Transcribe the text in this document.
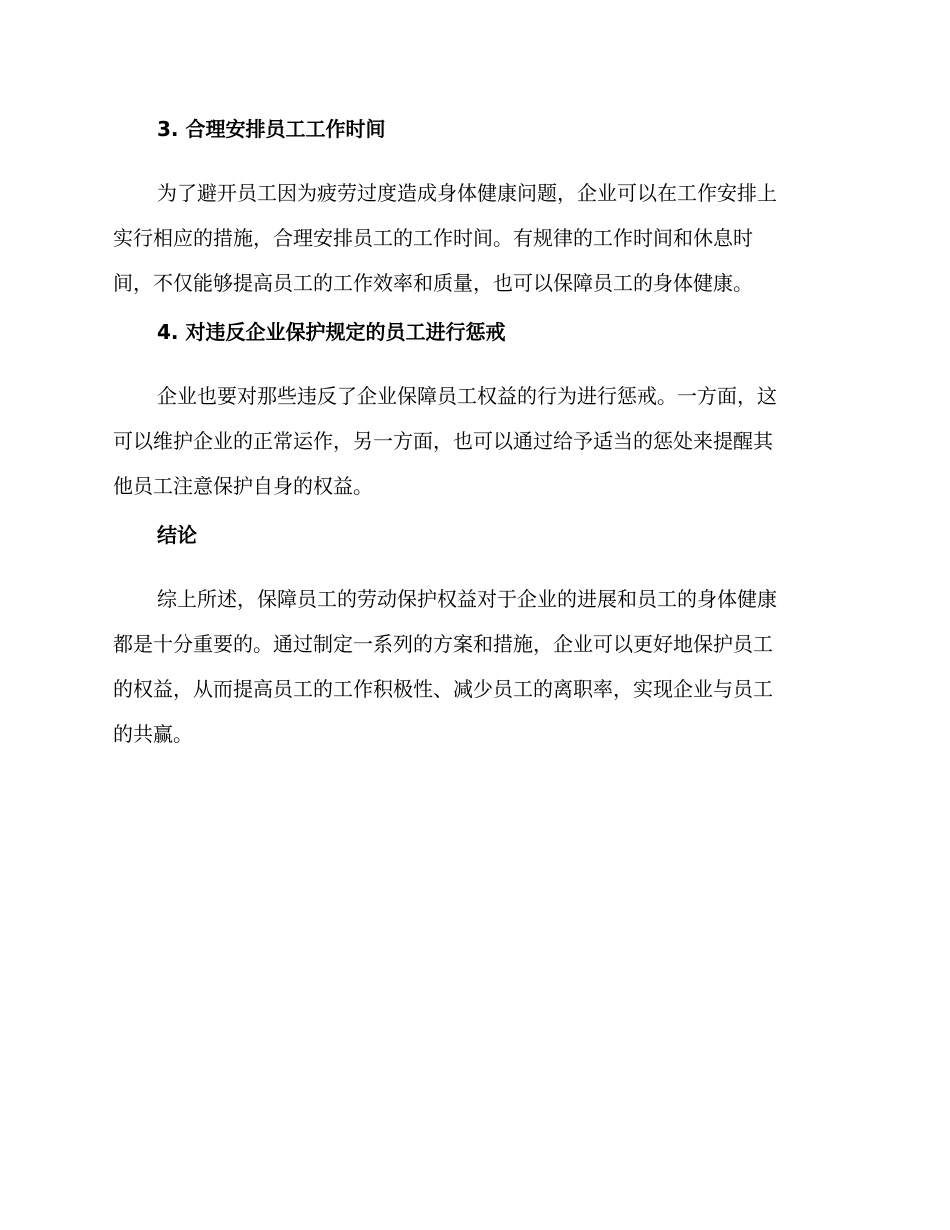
3. 合理安排员工工作时间
为了避开员工因为疲劳过度造成身体健康问题，企业可以在工作安排上
实行相应的措施，合理安排员工的工作时间。有规律的工作时间和休息时
间，不仅能够提高员工的工作效率和质量，也可以保障员工的身体健康。
4. 对违反企业保护规定的员工进行惩戒
企业也要对那些违反了企业保障员工权益的行为进行惩戒。一方面，这
可以维护企业的正常运作，另一方面，也可以通过给予适当的惩处来提醒其
他员工注意保护自身的权益。
结论
综上所述，保障员工的劳动保护权益对于企业的进展和员工的身体健康
都是十分重要的。通过制定一系列的方案和措施，企业可以更好地保护员工
的权益，从而提高员工的工作积极性、减少员工的离职率，实现企业与员工
的共赢。
